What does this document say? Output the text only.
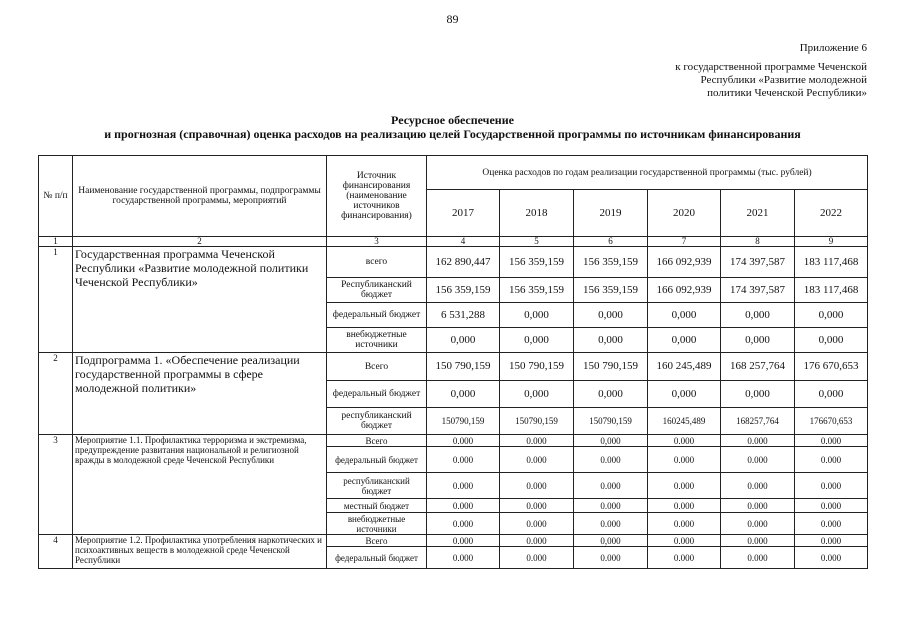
89
Приложение 6
к государственной программе Чеченской
Республики «Развитие молодежной
политики Чеченской Республики»
Ресурсное обеспечение
и прогнозная (справочная) оценка расходов на реализацию целей Государственной программы по источникам финансирования
№ п/п	Наименование государственной программы, подпрограммы государственной программы, мероприятий	Источник финансирования (наименование источников финансирования)	Оценка расходов по годам реализации государственной программы (тыс. рублей)					
			2017	2018	2019	2020	2021	2022
1	2	3	4	5	6	7	8	9
1	Государственная программа Чеченской Республики «Развитие молодежной политики Чеченской Республики»	всего	162 890,447	156 359,159	156 359,159	166 092,939	174 397,587	183 117,468
		Республиканский бюджет	156 359,159	156 359,159	156 359,159	166 092,939	174 397,587	183 117,468
		федеральный бюджет	6 531,288	0,000	0,000	0,000	0,000	0,000
		внебюджетные источники	0,000	0,000	0,000	0,000	0,000	0,000
2	Подпрограмма 1. «Обеспечение реализации государственной программы в сфере молодежной политики»	Всего	150 790,159	150 790,159	150 790,159	160 245,489	168 257,764	176 670,653
		федеральный бюджет	0,000	0,000	0,000	0,000	0,000	0,000
		республиканский бюджет	150790,159	150790,159	150790,159	160245,489	168257,764	176670,653
3	Мероприятие 1.1. Профилактика терроризма и экстремизма, предупреждение развитания национальной и религиозной вражды в молодежной среде Чеченской Республики	Всего	0.000	0.000	0,000	0.000	0.000	0.000
		федеральный бюджет	0.000	0.000	0.000	0.000	0.000	0.000
		республиканский бюджет	0.000	0.000	0.000	0.000	0.000	0.000
		местный бюджет	0.000	0.000	0.000	0.000	0.000	0.000
		внебюджетные источники	0.000	0.000	0.000	0.000	0.000	0.000
4	Мероприятие 1.2. Профилактика употребления наркотических и психоактивных веществ в молодежной среде Чеченской Республики	Всего	0.000	0.000	0,000	0.000	0.000	0.000
		федеральный бюджет	0.000	0.000	0.000	0.000	0.000	0.000
